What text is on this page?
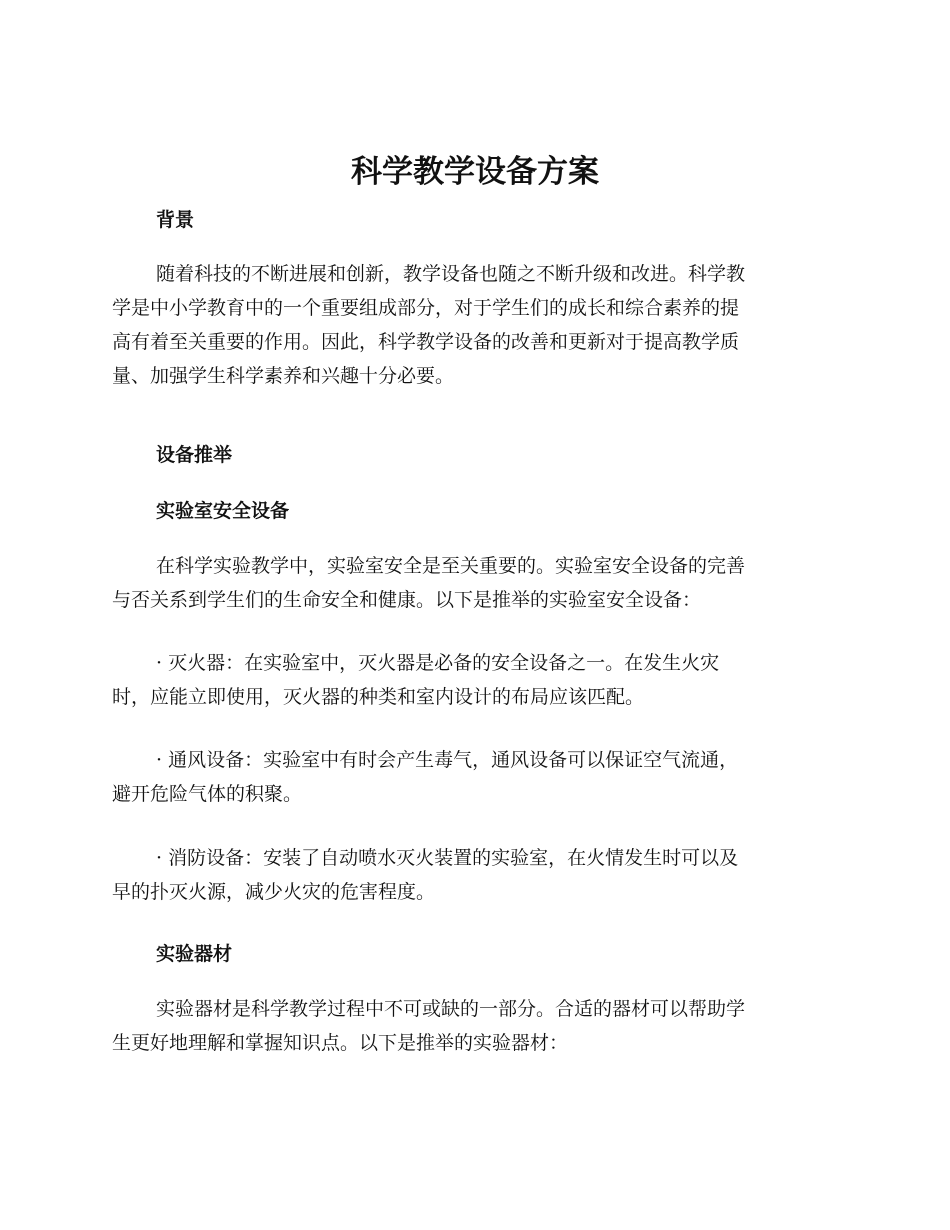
科学教学设备方案
背景

随着科技的不断进展和创新，教学设备也随之不断升级和改进。科学教
学是中小学教育中的一个重要组成部分，对于学生们的成长和综合素养的提
高有着至关重要的作用。因此，科学教学设备的改善和更新对于提高教学质
量、加强学生科学素养和兴趣十分必要。

设备推举
实验室安全设备

在科学实验教学中，实验室安全是至关重要的。实验室安全设备的完善
与否关系到学生们的生命安全和健康。以下是推举的实验室安全设备：

· 灭火器：在实验室中，灭火器是必备的安全设备之一。在发生火灾
时，应能立即使用，灭火器的种类和室内设计的布局应该匹配。

· 通风设备：实验室中有时会产生毒气，通风设备可以保证空气流通，
避开危险气体的积聚。

· 消防设备：安装了自动喷水灭火装置的实验室，在火情发生时可以及
早的扑灭火源，减少火灾的危害程度。

实验器材

实验器材是科学教学过程中不可或缺的一部分。合适的器材可以帮助学
生更好地理解和掌握知识点。以下是推举的实验器材：
